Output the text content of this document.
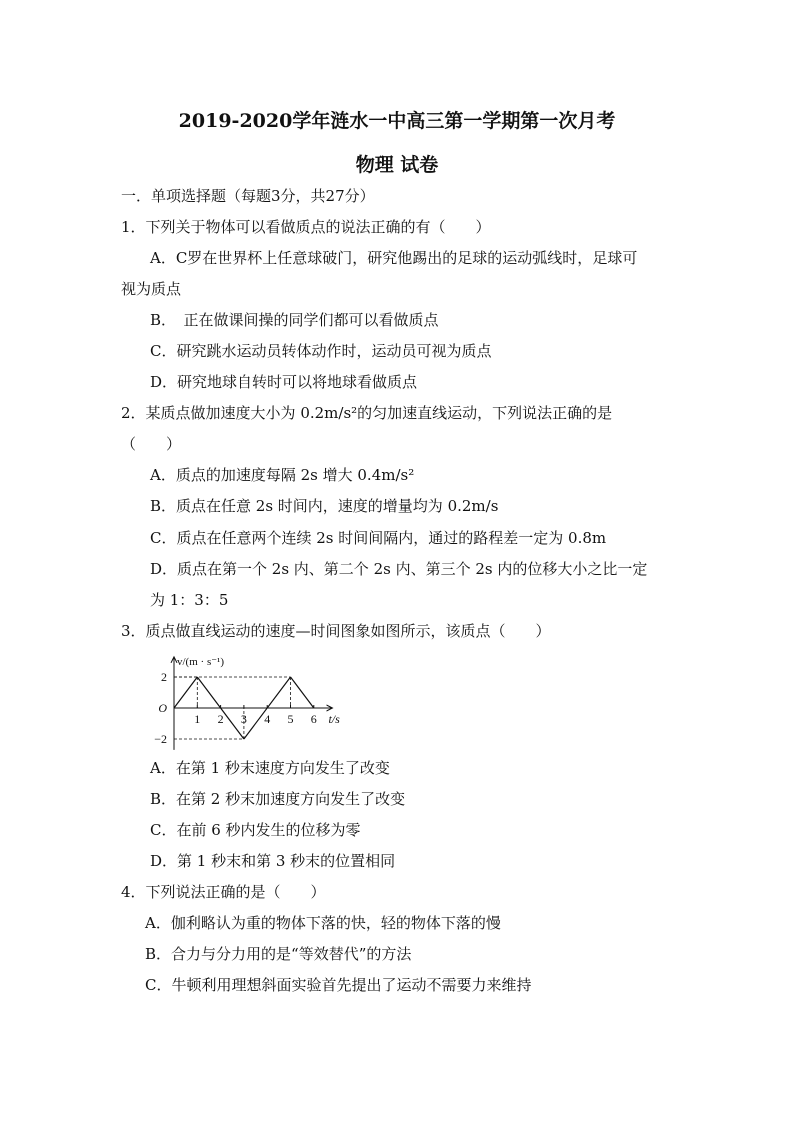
2019-2020学年涟水一中高三第一学期第一次月考
物理 试卷
一．单项选择题（每题3分，共27分）
1．下列关于物体可以看做质点的说法正确的有（　　）
A．C罗在世界杯上任意球破门，研究他踢出的足球的运动弧线时，足球可
视为质点
B．　正在做课间操的同学们都可以看做质点
C．研究跳水运动员转体动作时，运动员可视为质点
D．研究地球自转时可以将地球看做质点
2．某质点做加速度大小为 0.2m/s²的匀加速直线运动，下列说法正确的是
（　　）
A．质点的加速度每隔 2s 增大 0.4m/s²
B．质点在任意 2s 时间内，速度的增量均为 0.2m/s
C．质点在任意两个连续 2s 时间间隔内，通过的路程差一定为 0.8m
D．质点在第一个 2s 内、第二个 2s 内、第三个 2s 内的位移大小之比一定
为 1：3：5
3．质点做直线运动的速度—时间图象如图所示，该质点（　　）
1 2 3 4 5 6
2
−2
O
v/(m · s⁻¹)
t/s
A．在第 1 秒末速度方向发生了改变
B．在第 2 秒末加速度方向发生了改变
C．在前 6 秒内发生的位移为零
D．第 1 秒末和第 3 秒末的位置相同
4．下列说法正确的是（　　）
A．伽利略认为重的物体下落的快，轻的物体下落的慢
B．合力与分力用的是“等效替代”的方法
C．牛顿利用理想斜面实验首先提出了运动不需要力来维持
